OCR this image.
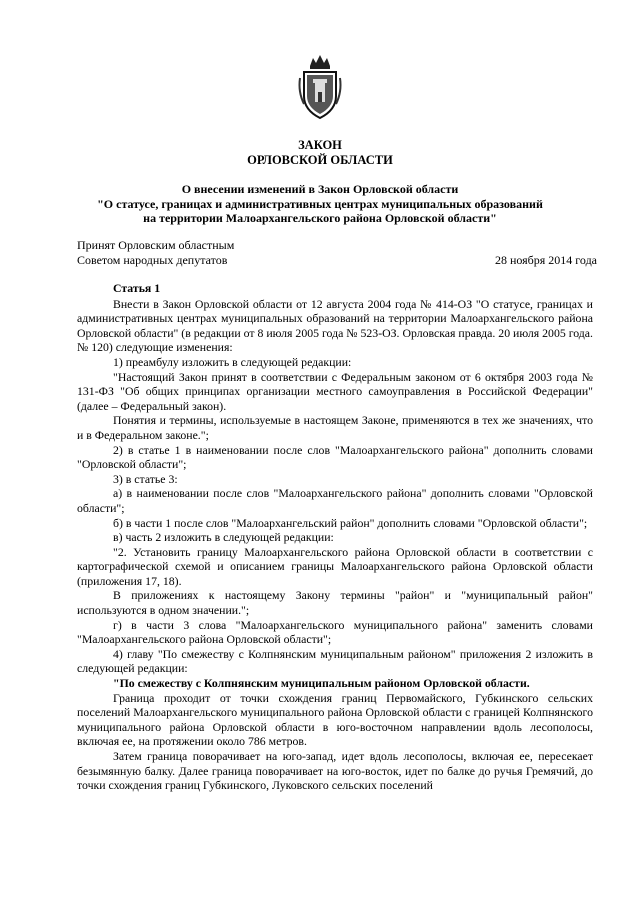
ЗАКОН
ОРЛОВСКОЙ ОБЛАСТИ
О внесении изменений в Закон Орловской области
"О статусе, границах и административных центрах муниципальных образований
на территории Малоархангельского района Орловской области"
Принят Орловским областным
Советом народных депутатов	28 ноября 2014 года

Статья 1

Внести в Закон Орловской области от 12 августа 2004 года № 414-ОЗ "О статусе, границах и административных центрах муниципальных образований на территории Малоархангельского района Орловской области" (в редакции от 8 июля 2005 года № 523-ОЗ. Орловская правда. 20 июля 2005 года. № 120) следующие изменения:

1) преамбулу изложить в следующей редакции:

"Настоящий Закон принят в соответствии с Федеральным законом от 6 октября 2003 года № 131-ФЗ "Об общих принципах организации местного самоуправления в Российской Федерации" (далее – Федеральный закон).

Понятия и термины, используемые в настоящем Законе, применяются в тех же значениях, что и в Федеральном законе.";

2) в статье 1 в наименовании после слов "Малоархангельского района" дополнить словами "Орловской области";

3) в статье 3:

а) в наименовании после слов "Малоархангельского района" дополнить словами "Орловской области";

б) в части 1 после слов "Малоархангельский район" дополнить словами "Орловской области";

в) часть 2 изложить в следующей редакции:

"2. Установить границу Малоархангельского района Орловской области в соответствии с картографической схемой и описанием границы Малоархангельского района Орловской области (приложения 17, 18).

В приложениях к настоящему Закону термины "район" и "муниципальный район" используются в одном значении.";

г) в части 3 слова "Малоархангельского муниципального района" заменить словами "Малоархангельского района Орловской области";

4) главу "По смежеству с Колпнянским муниципальным районом" приложения 2 изложить в следующей редакции:

"По смежеству с Колпнянским муниципальным районом Орловской области.

Граница проходит от точки схождения границ Первомайского, Губкинского сельских поселений Малоархангельского муниципального района Орловской области с границей Колпнянского муниципального района Орловской области в юго-восточном направлении вдоль лесополосы, включая ее, на протяжении около 786 метров.

Затем граница поворачивает на юго-запад, идет вдоль лесополосы, включая ее, пересекает безымянную балку. Далее граница поворачивает на юго-восток, идет по балке до ручья Гремячий, до точки схождения границ Губкинского, Луковского сельских поселений
